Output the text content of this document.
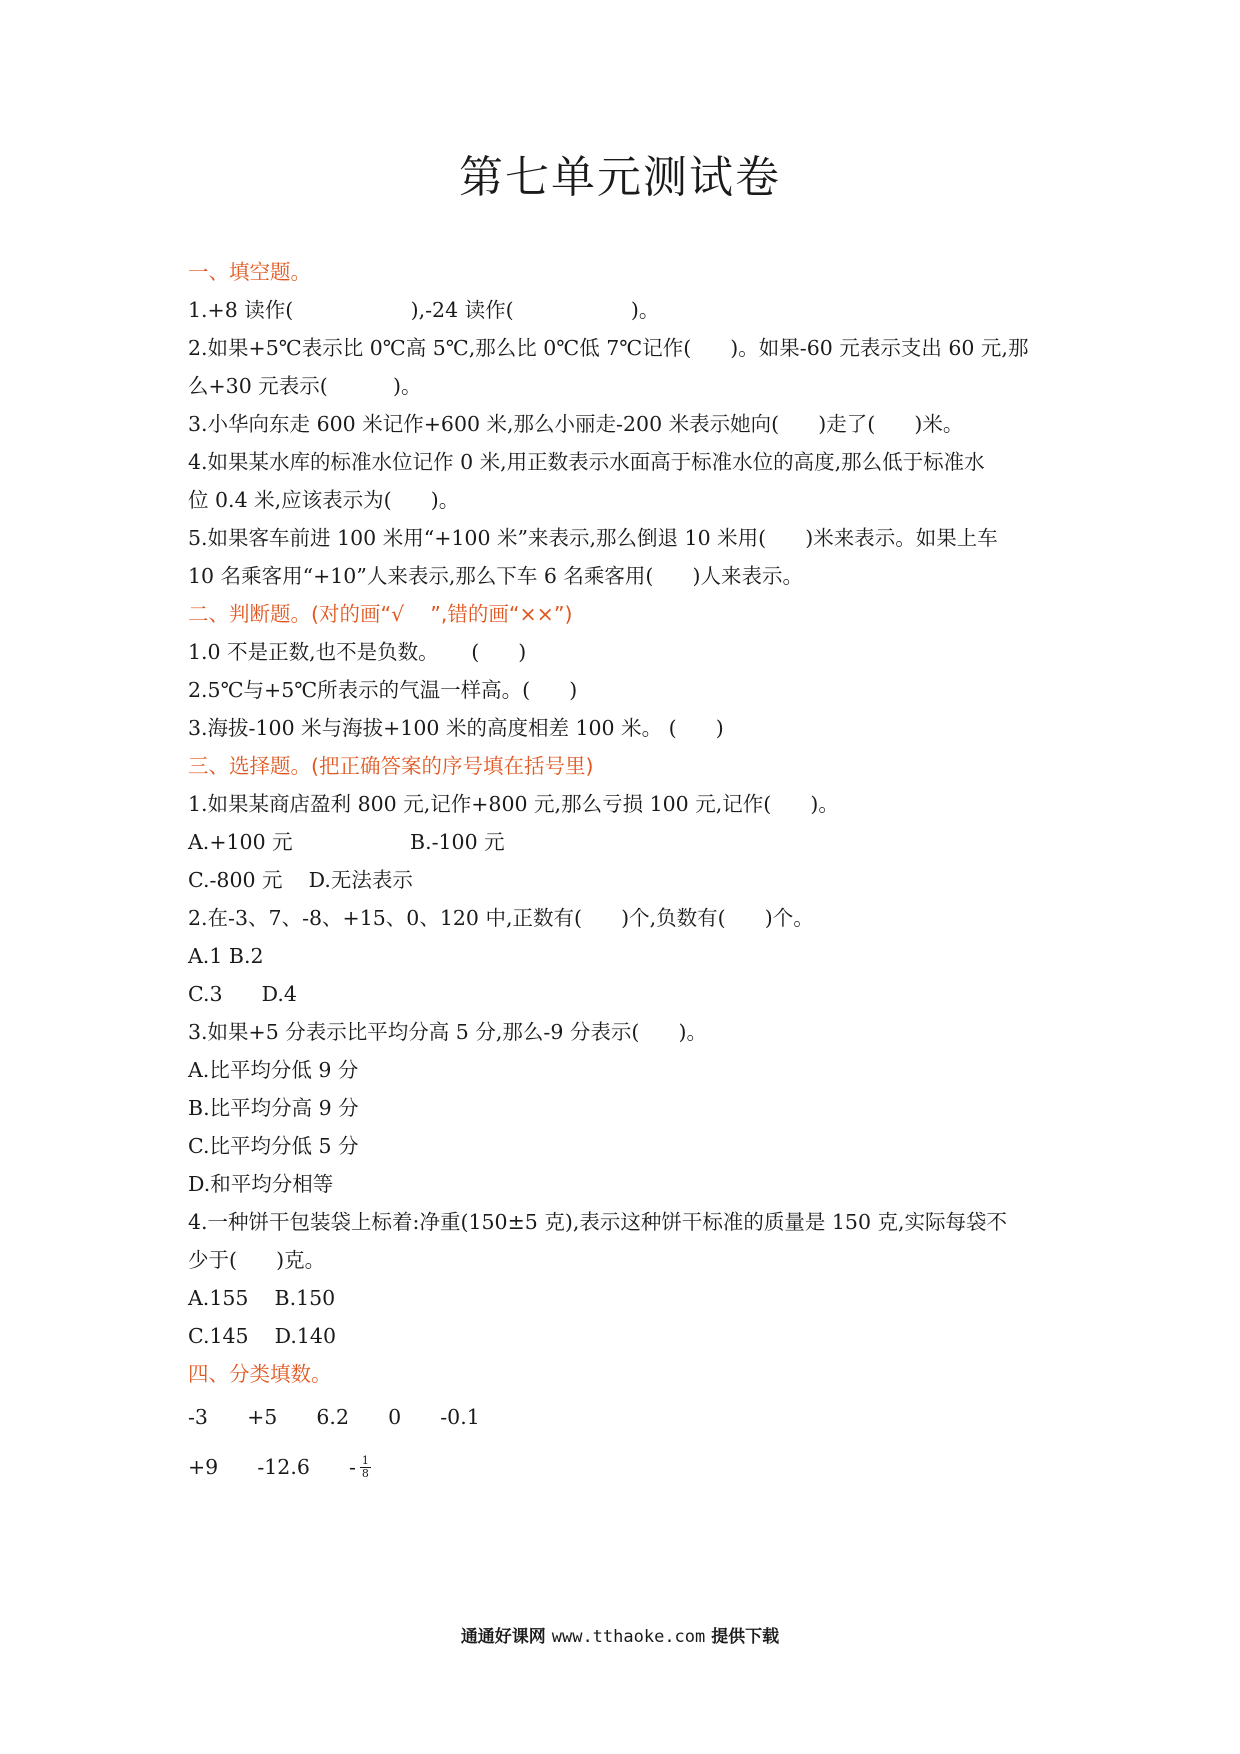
第七单元测试卷
一、填空题。
1.+8 读作(                  ),-24 读作(                  )。
2.如果+5℃表示比 0℃高 5℃,那么比 0℃低 7℃记作(      )。如果-60 元表示支出 60 元,那
么+30 元表示(          )。
3.小华向东走 600 米记作+600 米,那么小丽走-200 米表示她向(      )走了(      )米。
4.如果某水库的标准水位记作 0 米,用正数表示水面高于标准水位的高度,那么低于标准水
位 0.4 米,应该表示为(      )。
5.如果客车前进 100 米用“+100 米”来表示,那么倒退 10 米用(      )米来表示。如果上车
10 名乘客用“+10”人来表示,那么下车 6 名乘客用(      )人来表示。
二、判断题。(对的画“√    ”,错的画“××”)
1.0 不是正数,也不是负数。     (      )
2.5℃与+5℃所表示的气温一样高。(      )
3.海拔-100 米与海拔+100 米的高度相差 100 米。 (      )
三、选择题。(把正确答案的序号填在括号里)
1.如果某商店盈利 800 元,记作+800 元,那么亏损 100 元,记作(      )。
A.+100 元	B.-100 元
C.-800 元    D.无法表示
2.在-3、7、-8、+15、0、120 中,正数有(      )个,负数有(      )个。
A.1 B.2
C.3      D.4
3.如果+5 分表示比平均分高 5 分,那么-9 分表示(      )。
A.比平均分低 9 分
B.比平均分高 9 分
C.比平均分低 5 分
D.和平均分相等
4.一种饼干包装袋上标着:净重(150±5 克),表示这种饼干标准的质量是 150 克,实际每袋不
少于(      )克。
A.155    B.150
C.145    D.140
四、分类填数。
-3      +5      6.2      0      -0.1
+9      -12.6      - $\frac{1}{8}$
通通好课网 www.tthaoke.com 提供下载
